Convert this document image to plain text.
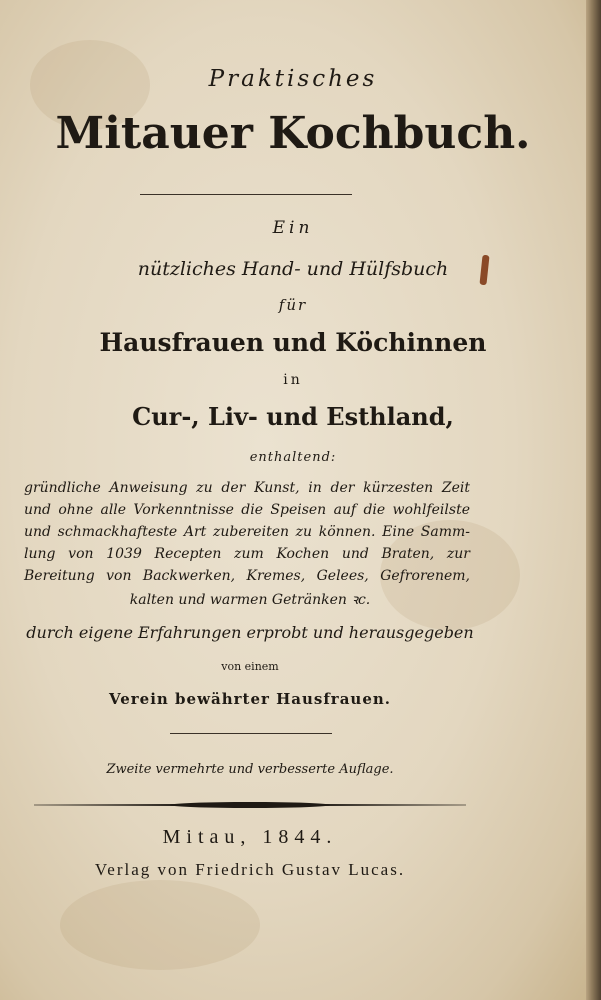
Praktisches
Mitauer Kochbuch.
Ein
nützliches Hand- und Hülfsbuch
für
Hausfrauen und Köchinnen
in
Cur-, Liv- und Esthland,
enthaltend:
gründliche Anweisung zu der Kunst, in der kürzesten Zeit
und ohne alle Vorkenntnisse die Speisen auf die wohlfeilste
und schmackhafteste Art zubereiten zu können. Eine Samm-
lung von 1039 Recepten zum Kochen und Braten, zur
Bereitung von Backwerken, Kremes, Gelees, Gefrorenem,
kalten und warmen Getränken ꝛc.
durch eigene Erfahrungen erprobt und herausgegeben
von einem
Verein bewährter Hausfrauen.
Zweite vermehrte und verbesserte Auflage.
Mitau, 1844.
Verlag von Friedrich Gustav Lucas.
